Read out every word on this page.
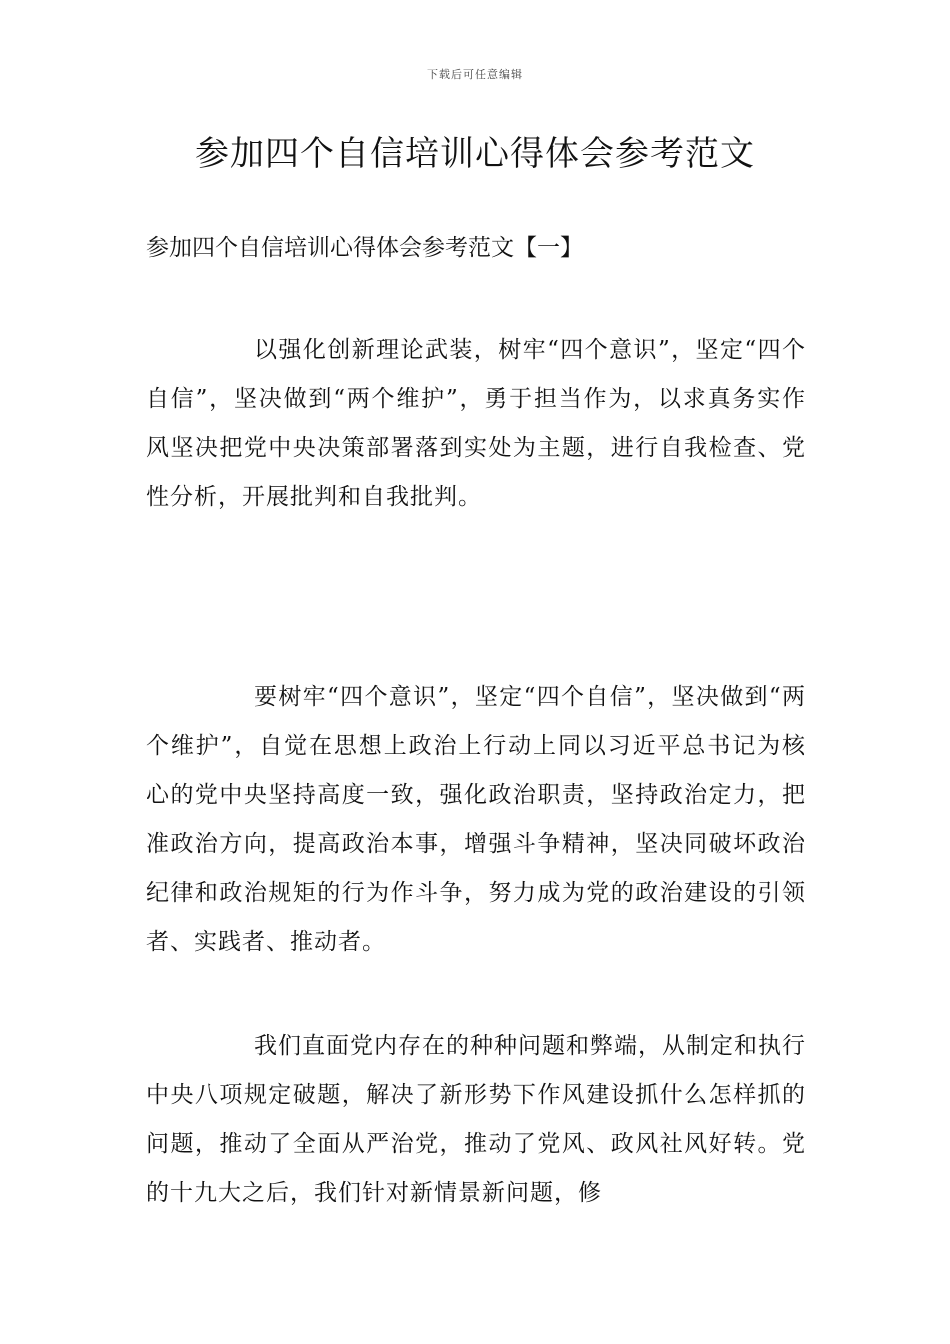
下载后可任意编辑
参加四个自信培训心得体会参考范文
参加四个自信培训心得体会参考范文【一】

以强化创新理论武装，树牢“四个意识”，坚定“四个自信”，坚决做到“两个维护”，勇于担当作为，以求真务实作风坚决把党中央决策部署落到实处为主题，进行自我检查、党性分析，开展批判和自我批判。

要树牢“四个意识”，坚定“四个自信”，坚决做到“两个维护”，自觉在思想上政治上行动上同以习近平总书记为核心的党中央坚持高度一致，强化政治职责，坚持政治定力，把准政治方向，提高政治本事，增强斗争精神，坚决同破坏政治纪律和政治规矩的行为作斗争，努力成为党的政治建设的引领者、实践者、推动者。

我们直面党内存在的种种问题和弊端，从制定和执行中央八项规定破题，解决了新形势下作风建设抓什么怎样抓的问题，推动了全面从严治党，推动了党风、政风社风好转。党的十九大之后，我们针对新情景新问题，修
